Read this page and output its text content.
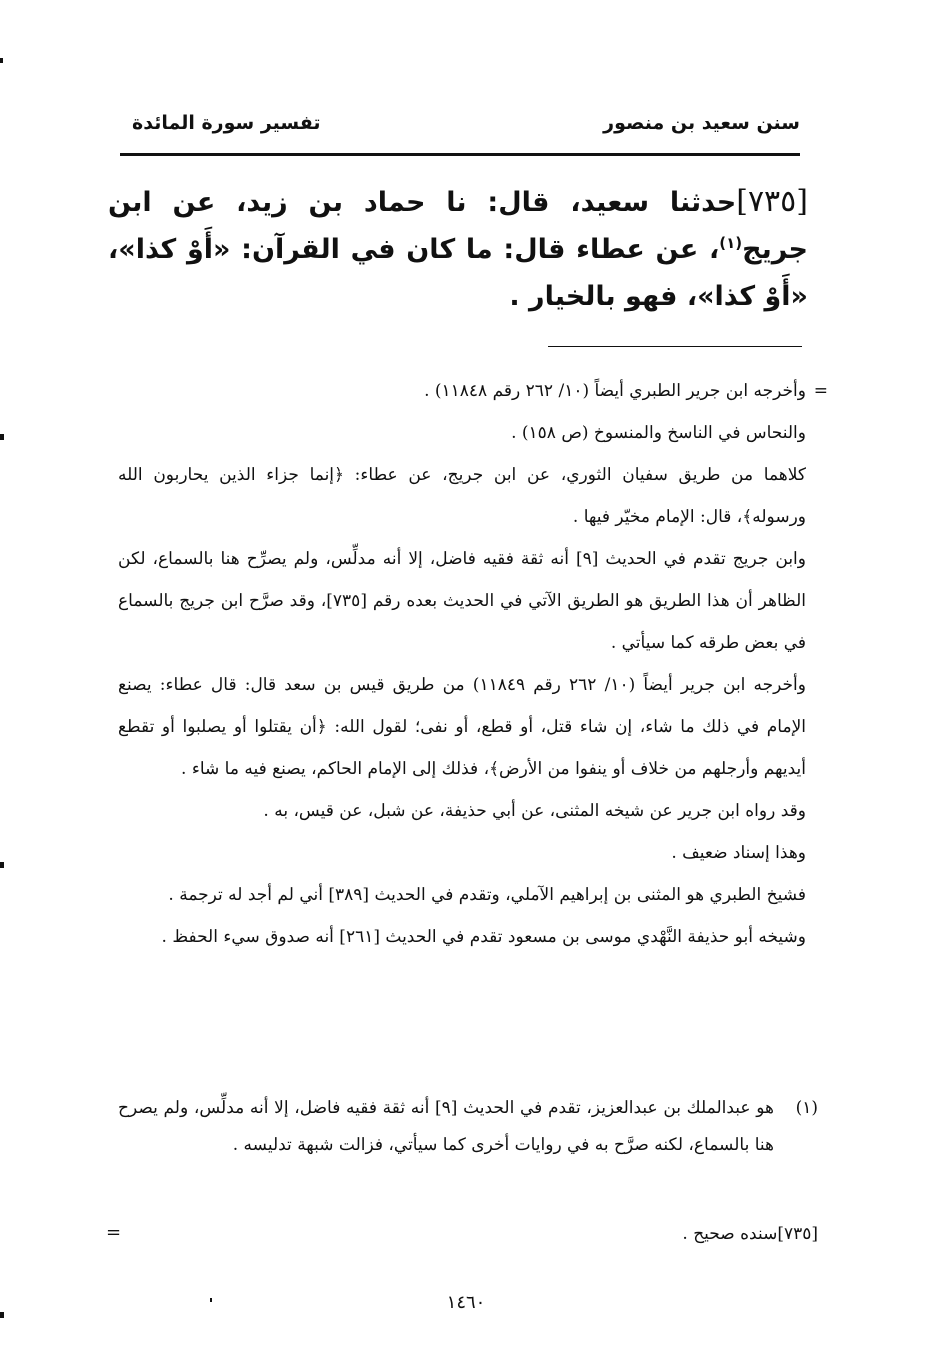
سنن سعيد بن منصور
تفسير سورة المائدة
[٧٣٥]حدثنا سعيد، قال: نا حماد بن زيد، عن ابن جريج$^{(١)}$، عن عطاء قال: ما كان في القرآن: «أَوْ كذا»، «أَوْ كذا»، فهو بالخيار .
=

وأخرجه ابن جرير الطبري أيضاً (١٠/ ٢٦٢ رقم ١١٨٤٨) .

والنحاس في الناسخ والمنسوخ (ص ١٥٨) .

كلاهما من طريق سفيان الثوري، عن ابن جريج، عن عطاء: ﴿إنما جزاء الذين يحاربون الله ورسوله﴾، قال: الإمام مخيّر فيها .

وابن جريج تقدم في الحديث [٩] أنه ثقة فقيه فاضل، إلا أنه مدلِّس، ولم يصرِّح هنا بالسماع، لكن الظاهر أن هذا الطريق هو الطريق الآتي في الحديث بعده رقم [٧٣٥]، وقد صرَّح ابن جريج بالسماع في بعض طرقه كما سيأتي .

وأخرجه ابن جرير أيضاً (١٠/ ٢٦٢ رقم ١١٨٤٩) من طريق قيس بن سعد قال: قال عطاء: يصنع الإمام في ذلك ما شاء، إن شاء قتل، أو قطع، أو نفى؛ لقول الله: ﴿أن يقتلوا أو يصلبوا أو تقطع أيديهم وأرجلهم من خلاف أو ينفوا من الأرض﴾، فذلك إلى الإمام الحاكم، يصنع فيه ما شاء .

وقد رواه ابن جرير عن شيخه المثنى، عن أبي حذيفة، عن شبل، عن قيس، به .

وهذا إسناد ضعيف .

فشيخ الطبري هو المثنى بن إبراهيم الآملي، وتقدم في الحديث [٣٨٩] أني لم أجد له ترجمة .

وشيخه أبو حذيفة النَّهْدي موسى بن مسعود تقدم في الحديث [٢٦١] أنه صدوق سيء الحفظ .

(١)
هو عبدالملك بن عبدالعزيز، تقدم في الحديث [٩] أنه ثقة فقيه فاضل، إلا أنه مدلِّس، ولم يصرح هنا بالسماع، لكنه صرَّح به في روايات أخرى كما سيأتي، فزالت شبهة تدليسه .
[٧٣٥]سنده صحيح .
=
١٤٦٠
